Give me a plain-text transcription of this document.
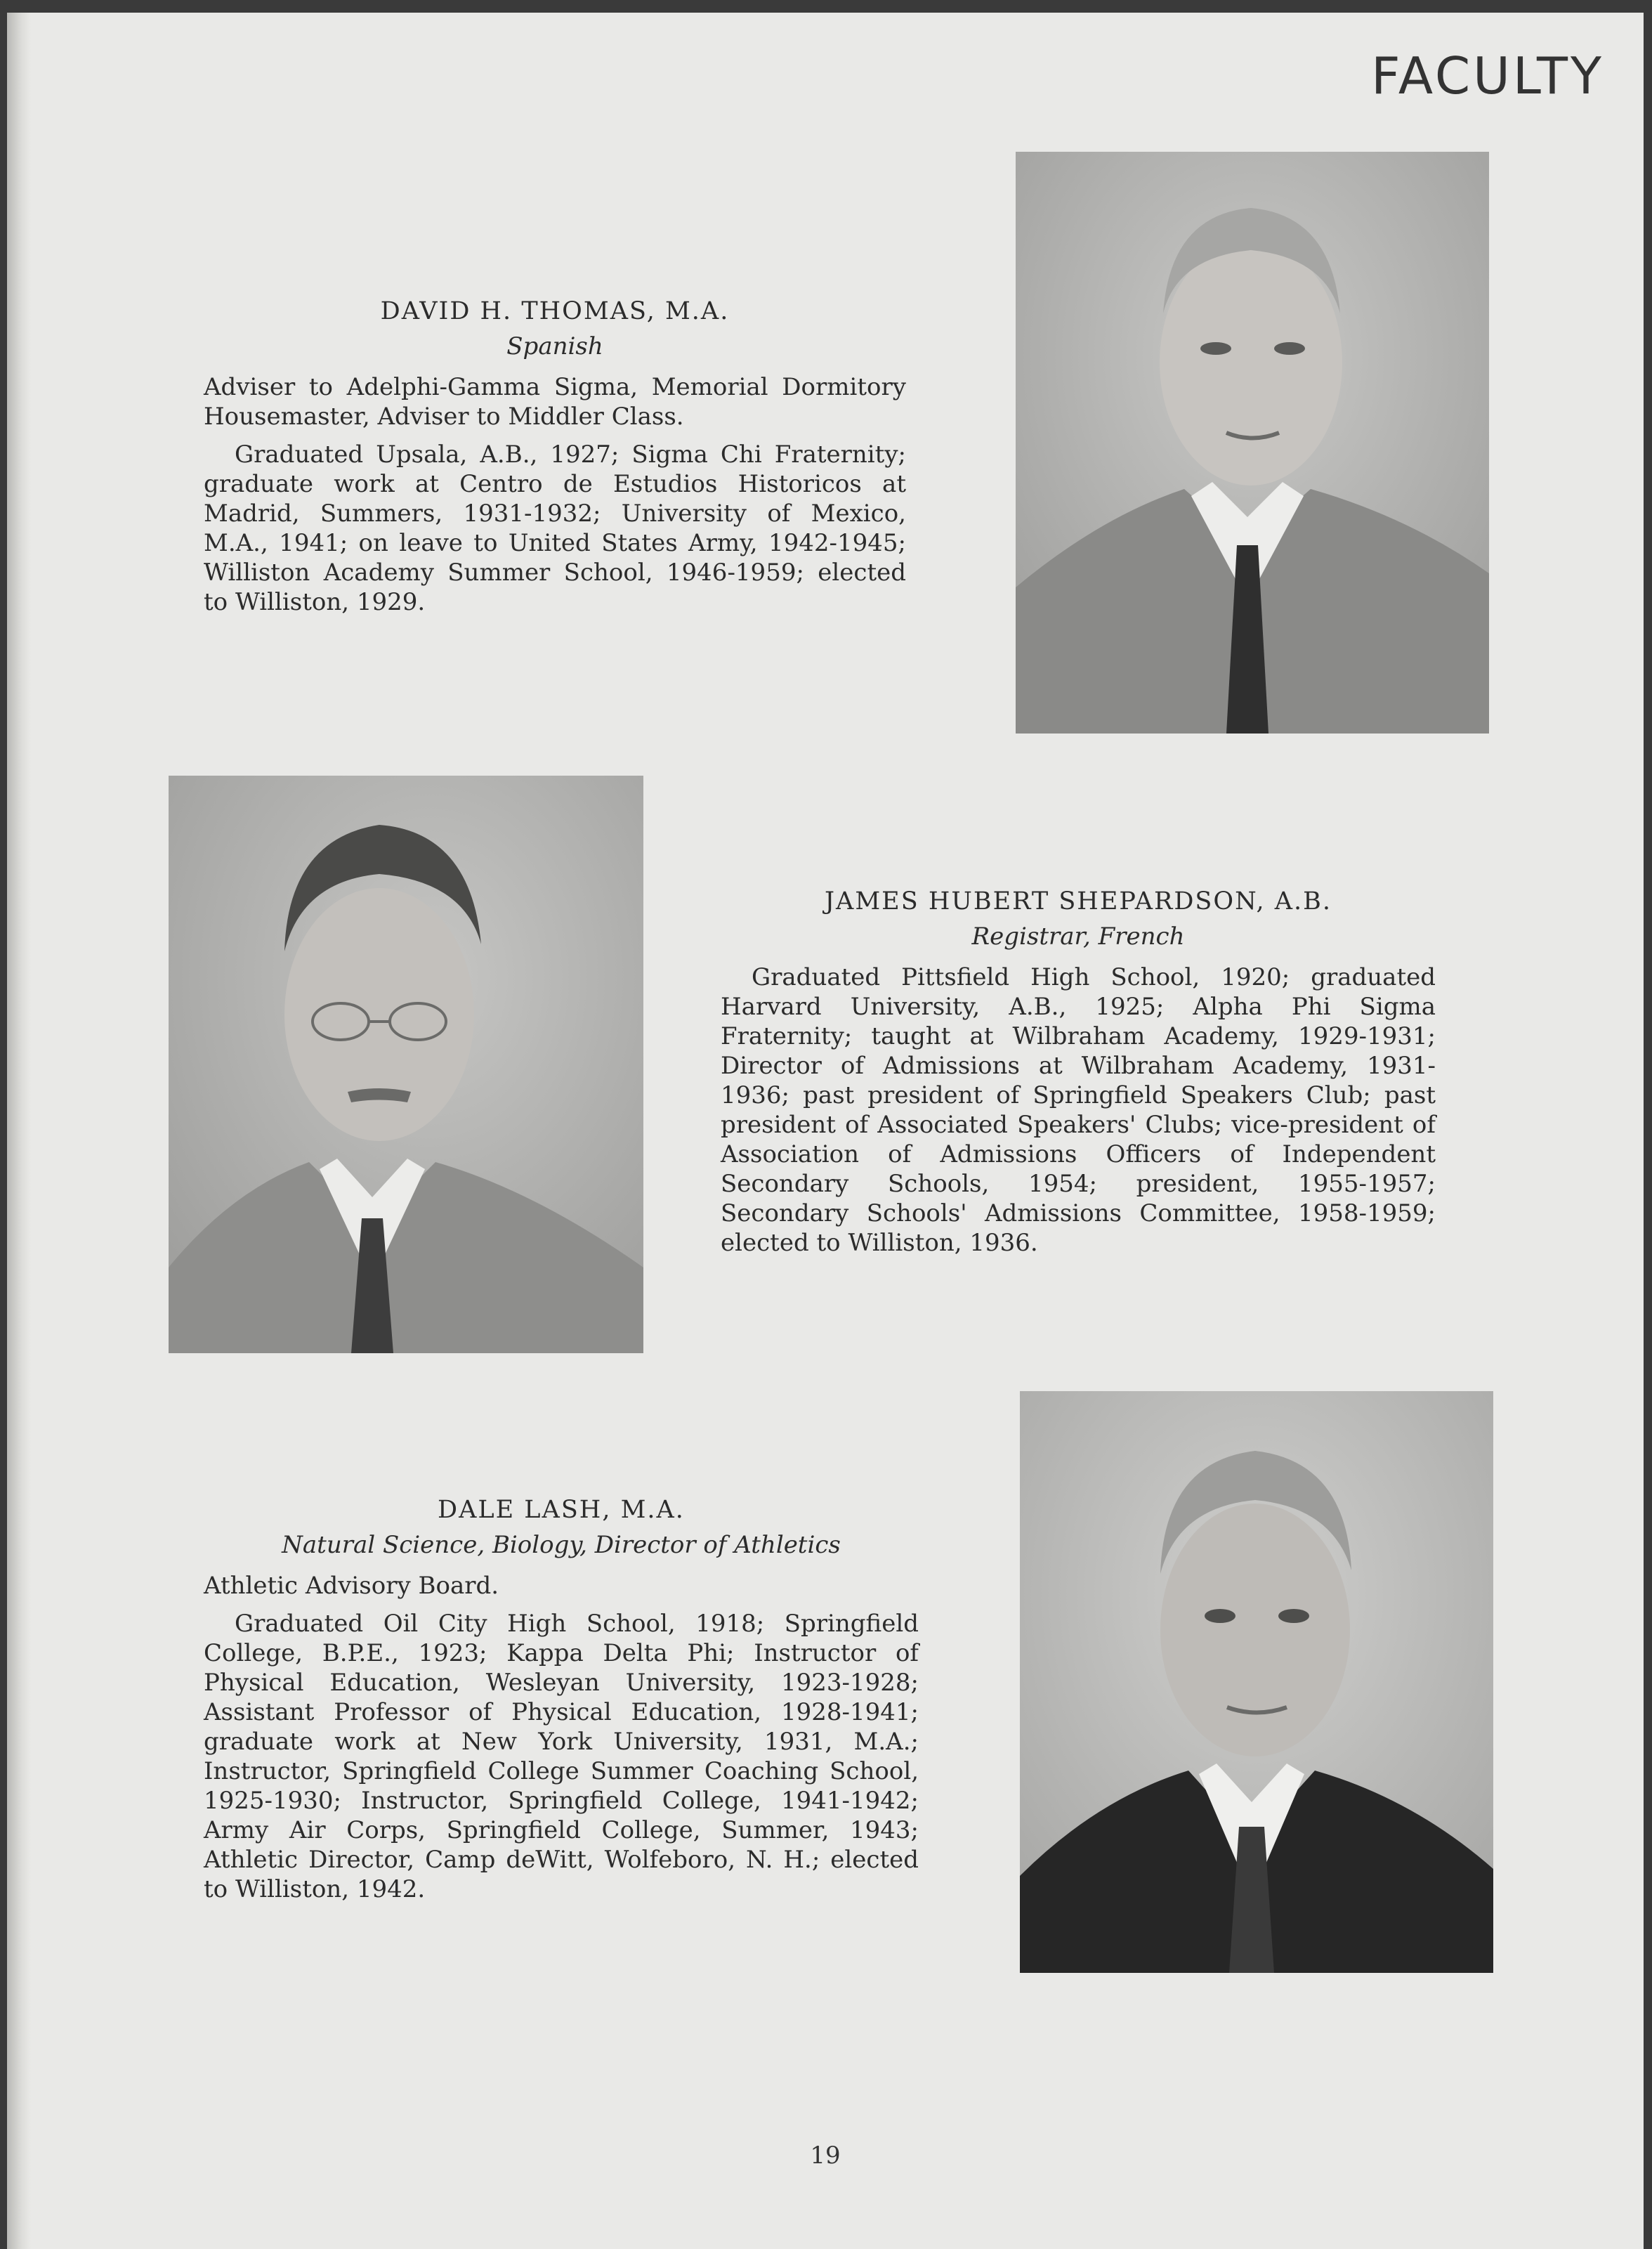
FACULTY
DAVID H. THOMAS, M.A.
Spanish

Adviser to Adelphi-Gamma Sigma, Memorial Dormitory Housemaster, Adviser to Middler Class.

Graduated Upsala, A.B., 1927; Sigma Chi Fraternity; graduate work at Centro de Estudios Historicos at Madrid, Summers, 1931-1932; University of Mexico, M.A., 1941; on leave to United States Army, 1942-1945; Williston Academy Summer School, 1946-1959; elected to Williston, 1929.

JAMES HUBERT SHEPARDSON, A.B.
Registrar, French

Graduated Pittsfield High School, 1920; graduated Harvard University, A.B., 1925; Alpha Phi Sigma Fraternity; taught at Wilbraham Academy, 1929-1931; Director of Admissions at Wilbraham Academy, 1931-1936; past president of Springfield Speakers Club; past president of Associated Speakers' Clubs; vice-president of Association of Admissions Officers of Independent Secondary Schools, 1954; president, 1955-1957; Secondary Schools' Admissions Committee, 1958-1959; elected to Williston, 1936.

DALE LASH, M.A.
Natural Science, Biology, Director of Athletics

Athletic Advisory Board.

Graduated Oil City High School, 1918; Springfield College, B.P.E., 1923; Kappa Delta Phi; Instructor of Physical Education, Wesleyan University, 1923-1928; Assistant Professor of Physical Education, 1928-1941; graduate work at New York University, 1931, M.A.; Instructor, Springfield College Summer Coaching School, 1925-1930; Instructor, Springfield College, 1941-1942; Army Air Corps, Springfield College, Summer, 1943; Athletic Director, Camp deWitt, Wolfeboro, N. H.; elected to Williston, 1942.

19
